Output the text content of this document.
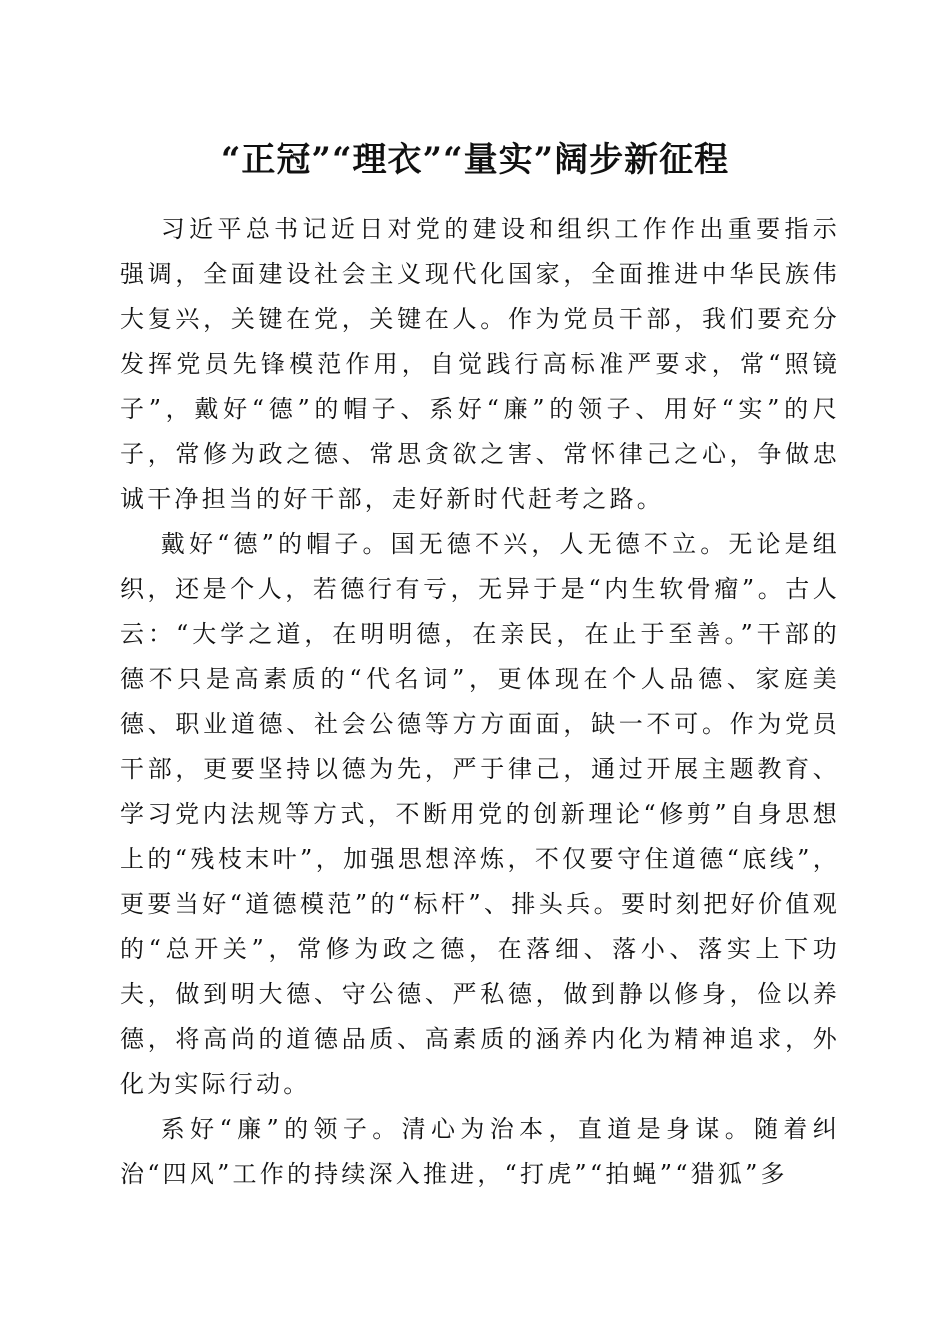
“正冠”“理衣”“量实”阔步新征程

习近平总书记近日对党的建设和组织工作作出重要指示强调，全面建设社会主义现代化国家，全面推进中华民族伟大复兴，关键在党，关键在人。作为党员干部，我们要充分发挥党员先锋模范作用，自觉践行高标准严要求，常“照镜子”，戴好“德”的帽子、系好“廉”的领子、用好“实”的尺子，常修为政之德、常思贪欲之害、常怀律己之心，争做忠诚干净担当的好干部，走好新时代赶考之路。

戴好“德”的帽子。国无德不兴，人无德不立。无论是组织，还是个人，若德行有亏，无异于是“内生软骨瘤”。古人云：“大学之道，在明明德，在亲民，在止于至善。”干部的德不只是高素质的“代名词”，更体现在个人品德、家庭美德、职业道德、社会公德等方方面面，缺一不可。作为党员干部，更要坚持以德为先，严于律己，通过开展主题教育、学习党内法规等方式，不断用党的创新理论“修剪”自身思想上的“残枝末叶”，加强思想淬炼，不仅要守住道德“底线”，更要当好“道德模范”的“标杆”、排头兵。要时刻把好价值观的“总开关”，常修为政之德，在落细、落小、落实上下功夫，做到明大德、守公德、严私德，做到静以修身，俭以养德，将高尚的道德品质、高素质的涵养内化为精神追求，外化为实际行动。

系好“廉”的领子。清心为治本，直道是身谋。随着纠治“四风”工作的持续深入推进，“打虎”“拍蝇”“猎狐”多
